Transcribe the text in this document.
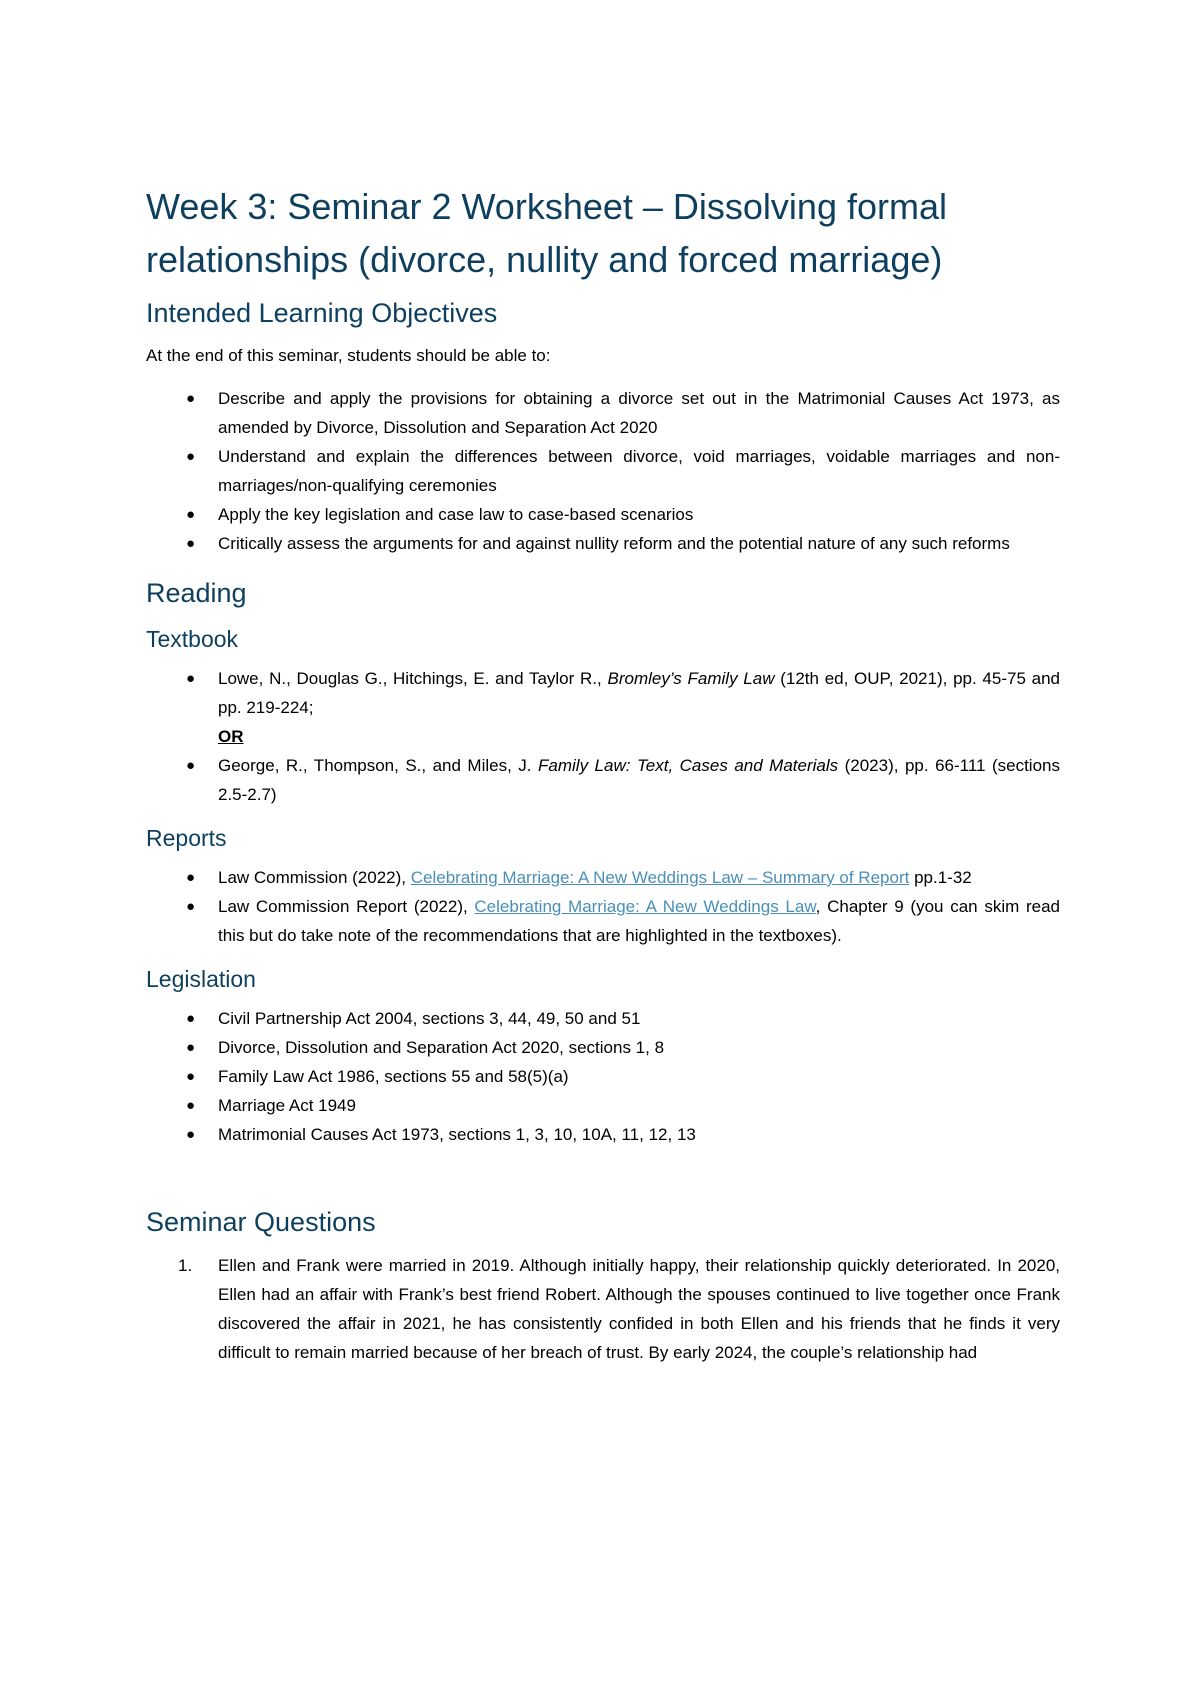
Week 3: Seminar 2 Worksheet – Dissolving formal relationships (divorce, nullity and forced marriage)
Intended Learning Objectives

At the end of this seminar, students should be able to:

● Describe and apply the provisions for obtaining a divorce set out in the Matrimonial Causes Act 1973, as amended by Divorce, Dissolution and Separation Act 2020
● Understand and explain the differences between divorce, void marriages, voidable marriages and non-marriages/non-qualifying ceremonies
● Apply the key legislation and case law to case-based scenarios
● Critically assess the arguments for and against nullity reform and the potential nature of any such reforms
Reading
Textbook
● Lowe, N., Douglas G., Hitchings, E. and Taylor R., Bromley’s Family Law (12th ed, OUP, 2021), pp. 45-75 and pp. 219-224;
OR
● George, R., Thompson, S., and Miles, J. Family Law: Text, Cases and Materials (2023), pp. 66-111 (sections 2.5-2.7)
Reports
● Law Commission (2022), Celebrating Marriage: A New Weddings Law – Summary of Report pp.1-32
● Law Commission Report (2022), Celebrating Marriage: A New Weddings Law, Chapter 9 (you can skim read this but do take note of the recommendations that are highlighted in the textboxes).
Legislation
● Civil Partnership Act 2004, sections 3, 44, 49, 50 and 51
● Divorce, Dissolution and Separation Act 2020, sections 1, 8
● Family Law Act 1986, sections 55 and 58(5)(a)
● Marriage Act 1949
● Matrimonial Causes Act 1973, sections 1, 3, 10, 10A, 11, 12, 13
Seminar Questions
1. Ellen and Frank were married in 2019. Although initially happy, their relationship quickly deteriorated. In 2020, Ellen had an affair with Frank’s best friend Robert. Although the spouses continued to live together once Frank discovered the affair in 2021, he has consistently confided in both Ellen and his friends that he finds it very difficult to remain married because of her breach of trust. By early 2024, the couple’s relationship had
